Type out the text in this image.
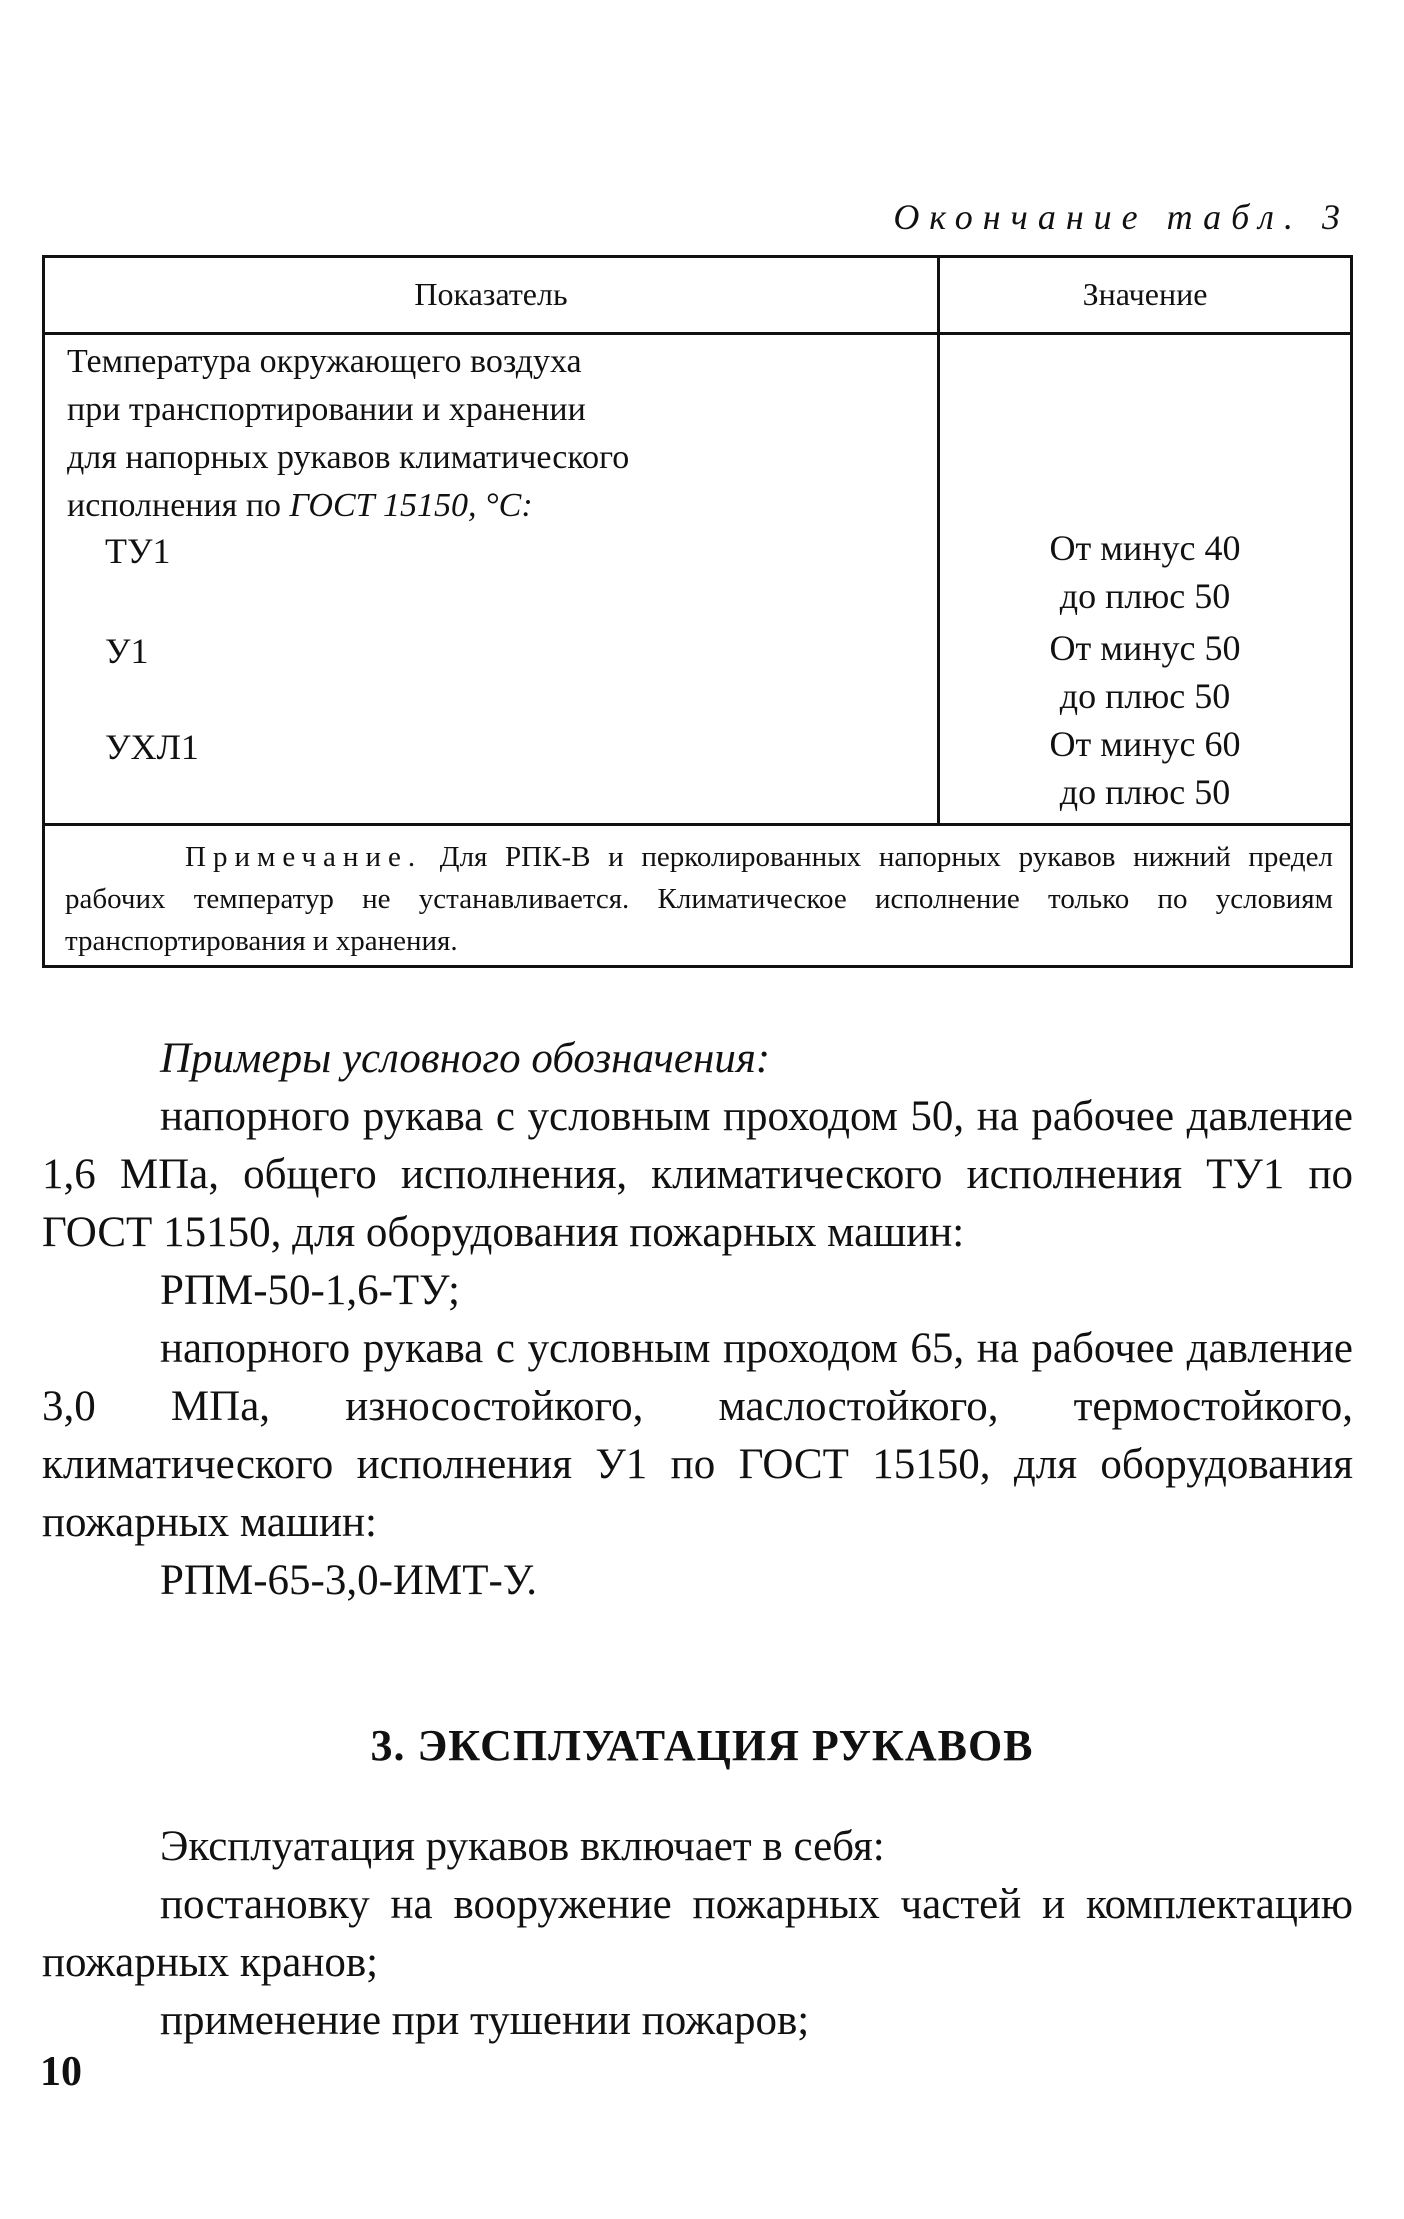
Окончание табл. 3
Показатель	Значение
Температура окружающего воздуха
при транспортировании и хранении
для напорных рукавов климатического
исполнения по ГОСТ 15150, °С:
ТУ1	От минус 40
до плюс 50
У1	От минус 50
до плюс 50
УХЛ1	От минус 60
до плюс 50
Примечание. Для РПК-В и перколированных напорных рукавов нижний предел рабочих температур не устанавливается. Климатическое исполнение только по условиям транспортирования и хранения.

Примеры условного обозначения:

напорного рукава с условным проходом 50, на рабочее давление 1,6 МПа, общего исполнения, климатического исполнения ТУ1 по ГОСТ 15150, для оборудования пожарных машин:

РПМ-50-1,6-ТУ;

напорного рукава с условным проходом 65, на рабочее давление 3,0 МПа, износостойкого, маслостойкого, термостойкого, климатического исполнения У1 по ГОСТ 15150, для оборудования пожарных машин:

РПМ-65-3,0-ИМТ-У.

3. ЭКСПЛУАТАЦИЯ РУКАВОВ

Эксплуатация рукавов включает в себя:

постановку на вооружение пожарных частей и комплектацию пожарных кранов;

применение при тушении пожаров;

10
